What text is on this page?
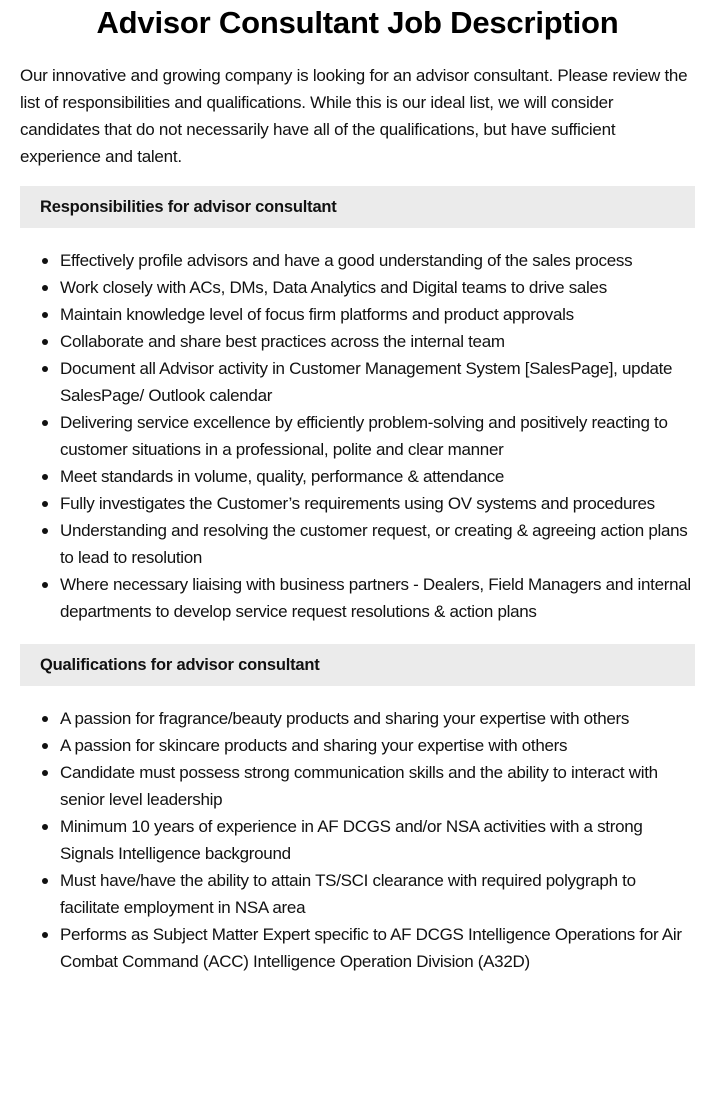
Advisor Consultant Job Description

Our innovative and growing company is looking for an advisor consultant. Please review the list of responsibilities and qualifications. While this is our ideal list, we will consider candidates that do not necessarily have all of the qualifications, but have sufficient experience and talent.

Responsibilities for advisor consultant
Effectively profile advisors and have a good understanding of the sales process
Work closely with ACs, DMs, Data Analytics and Digital teams to drive sales
Maintain knowledge level of focus firm platforms and product approvals
Collaborate and share best practices across the internal team
Document all Advisor activity in Customer Management System [SalesPage], update SalesPage/ Outlook calendar
Delivering service excellence by efficiently problem-solving and positively reacting to customer situations in a professional, polite and clear manner
Meet standards in volume, quality, performance & attendance
Fully investigates the Customer’s requirements using OV systems and procedures
Understanding and resolving the customer request, or creating & agreeing action plans to lead to resolution
Where necessary liaising with business partners - Dealers, Field Managers and internal departments to develop service request resolutions & action plans
Qualifications for advisor consultant
A passion for fragrance/beauty products and sharing your expertise with others
A passion for skincare products and sharing your expertise with others
Candidate must possess strong communication skills and the ability to interact with senior level leadership
Minimum 10 years of experience in AF DCGS and/or NSA activities with a strong Signals Intelligence background
Must have/have the ability to attain TS/SCI clearance with required polygraph to facilitate employment in NSA area
Performs as Subject Matter Expert specific to AF DCGS Intelligence Operations for Air Combat Command (ACC) Intelligence Operation Division (A32D)
